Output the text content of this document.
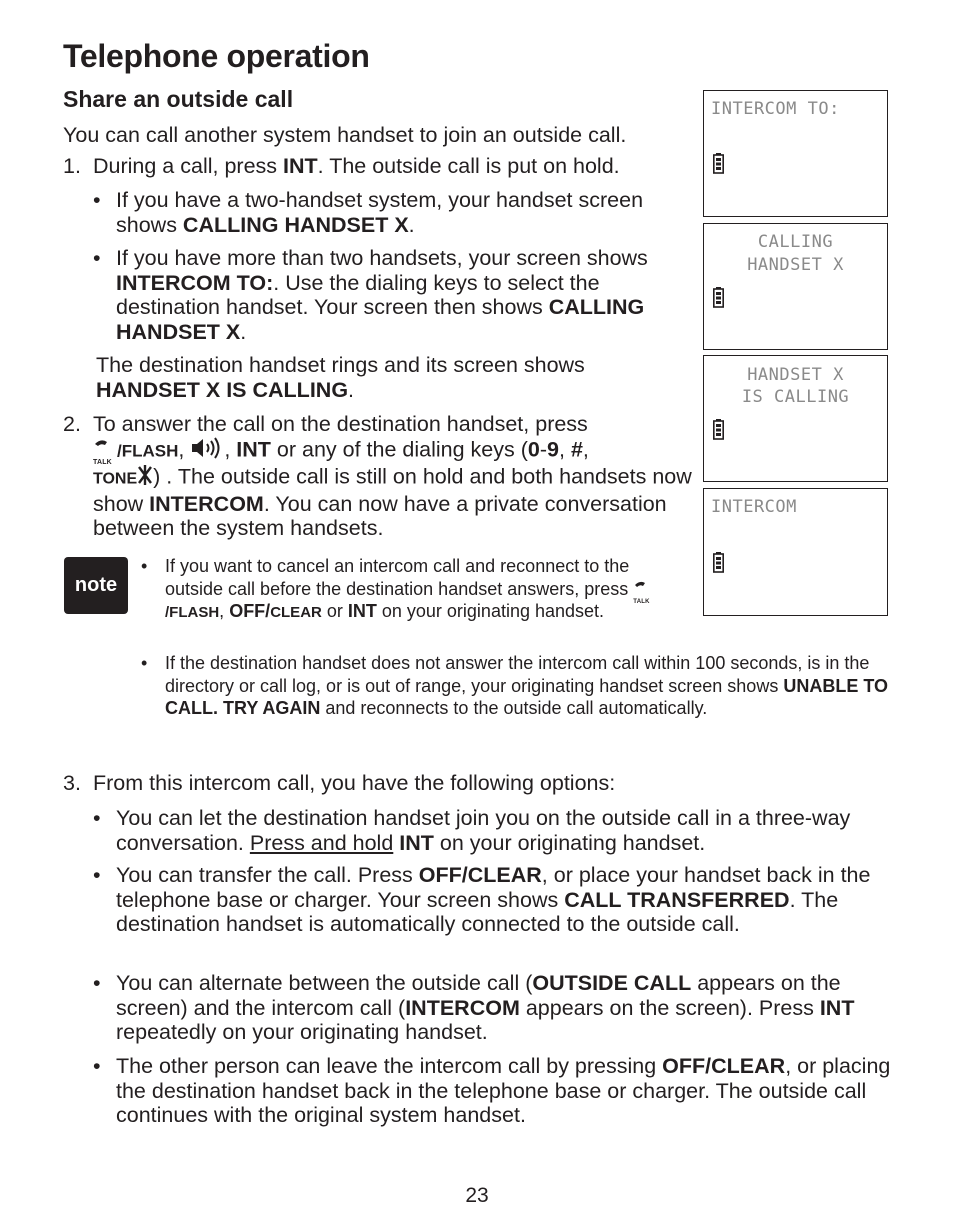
Telephone operation
Share an outside call
You can call another system handset to join an outside call.
1. During a call, press INT. The outside call is put on hold.
• If you have a two-handset system, your handset screen shows CALLING HANDSET X.
• If you have more than two handsets, your screen shows INTERCOM TO:. Use the dialing keys to select the destination handset. Your screen then shows CALLING HANDSET X.
The destination handset rings and its screen shows HANDSET X IS CALLING.
2. To answer the call on the destination handset, press

TALK
/FLASH, , INT or any of the dialing keys (0-9, #,
TONE ) . The outside call is still on hold and both handsets now show INTERCOM. You can now have a private conversation between the system handsets.
note
• If you want to cancel an intercom call and reconnect to the outside call before the destination handset answers, press
TALK
/FLASH, OFF/CLEAR or INT on your originating handset.
• If the destination handset does not answer the intercom call within 100 seconds, is in the directory or call log, or is out of range, your originating handset screen shows UNABLE TO CALL. TRY AGAIN and reconnects to the outside call automatically.
3. From this intercom call, you have the following options:
• You can let the destination handset join you on the outside call in a three-way conversation. Press and hold INT on your originating handset.
• You can transfer the call. Press OFF/CLEAR, or place your handset back in the telephone base or charger. Your screen shows CALL TRANSFERRED. The destination handset is automatically connected to the outside call.
• You can alternate between the outside call (OUTSIDE CALL appears on the screen) and the intercom call (INTERCOM appears on the screen). Press INT repeatedly on your originating handset.
• The other person can leave the intercom call by pressing OFF/CLEAR, or placing the destination handset back in the telephone base or charger. The outside call continues with the original system handset.
INTERCOM TO:
CALLING
HANDSET X
HANDSET X
IS CALLING
INTERCOM
23
